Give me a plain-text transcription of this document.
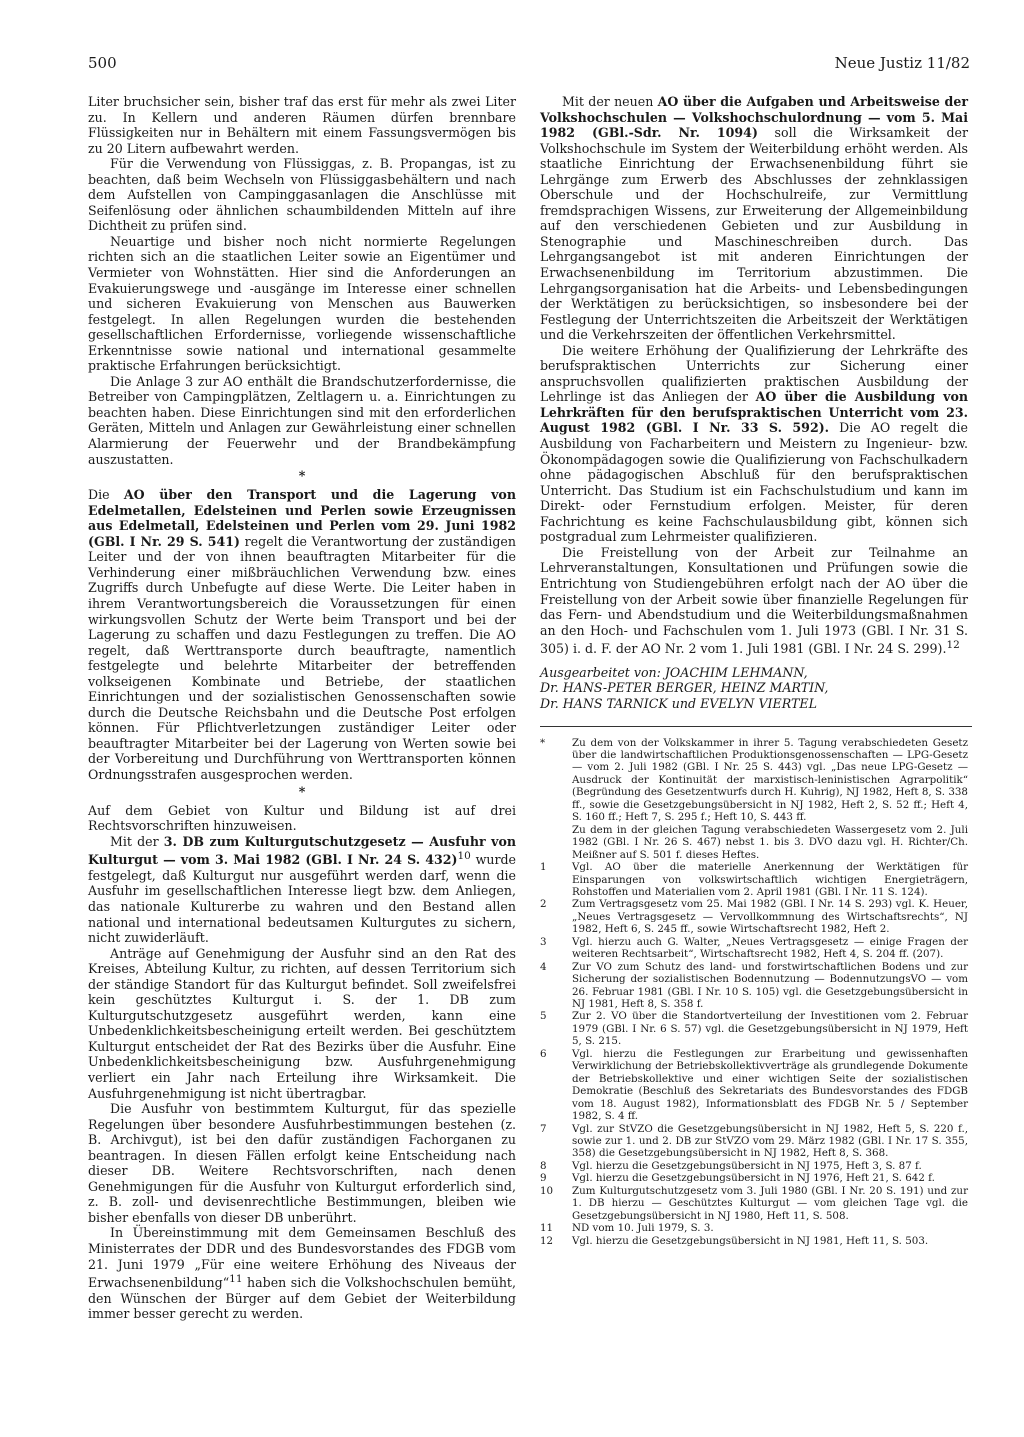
500	Neue Justiz 11/82

Liter bruchsicher sein, bisher traf das erst für mehr als zwei Liter zu. In Kellern und anderen Räumen dürfen brennbare Flüssigkeiten nur in Behältern mit einem Fassungsvermögen bis zu 20 Litern aufbewahrt werden.

Für die Verwendung von Flüssiggas, z. B. Propangas, ist zu beachten, daß beim Wechseln von Flüssiggasbehältern und nach dem Aufstellen von Campinggasanlagen die Anschlüsse mit Seifenlösung oder ähnlichen schaumbildenden Mitteln auf ihre Dichtheit zu prüfen sind.

Neuartige und bisher noch nicht normierte Regelungen richten sich an die staatlichen Leiter sowie an Eigentümer und Vermieter von Wohnstätten. Hier sind die Anforderungen an Evakuierungswege und -ausgänge im Interesse einer schnellen und sicheren Evakuierung von Menschen aus Bauwerken festgelegt. In allen Regelungen wurden die bestehenden gesellschaftlichen Erfordernisse, vorliegende wissenschaftliche Erkenntnisse sowie national und international gesammelte praktische Erfahrungen berücksichtigt.

Die Anlage 3 zur AO enthält die Brandschutzerfordernisse, die Betreiber von Campingplätzen, Zeltlagern u. a. Einrichtungen zu beachten haben. Diese Einrichtungen sind mit den erforderlichen Geräten, Mitteln und Anlagen zur Gewährleistung einer schnellen Alarmierung der Feuerwehr und der Brandbekämpfung auszustatten.

*

Die AO über den Transport und die Lagerung von Edelmetallen, Edelsteinen und Perlen sowie Erzeugnissen aus Edelmetall, Edelsteinen und Perlen vom 29. Juni 1982 (GBl. I Nr. 29 S. 541) regelt die Verantwortung der zuständigen Leiter und der von ihnen beauftragten Mitarbeiter für die Verhinderung einer mißbräuchlichen Verwendung bzw. eines Zugriffs durch Unbefugte auf diese Werte. Die Leiter haben in ihrem Verantwortungsbereich die Voraussetzungen für einen wirkungsvollen Schutz der Werte beim Transport und bei der Lagerung zu schaffen und dazu Festlegungen zu treffen. Die AO regelt, daß Werttransporte durch beauftragte, namentlich festgelegte und belehrte Mitarbeiter der betreffenden volkseigenen Kombinate und Betriebe, der staatlichen Einrichtungen und der sozialistischen Genossenschaften sowie durch die Deutsche Reichsbahn und die Deutsche Post erfolgen können. Für Pflichtverletzungen zuständiger Leiter oder beauftragter Mitarbeiter bei der Lagerung von Werten sowie bei der Vorbereitung und Durchführung von Werttransporten können Ordnungsstrafen ausgesprochen werden.

*

Auf dem Gebiet von Kultur und Bildung ist auf drei Rechtsvorschriften hinzuweisen.

Mit der 3. DB zum Kulturgutschutzgesetz — Ausfuhr von Kulturgut — vom 3. Mai 1982 (GBl. I Nr. 24 S. 432)$^{10}$ wurde festgelegt, daß Kulturgut nur ausgeführt werden darf, wenn die Ausfuhr im gesellschaftlichen Interesse liegt bzw. dem Anliegen, das nationale Kulturerbe zu wahren und den Bestand allen national und international bedeutsamen Kulturgutes zu sichern, nicht zuwiderläuft.

Anträge auf Genehmigung der Ausfuhr sind an den Rat des Kreises, Abteilung Kultur, zu richten, auf dessen Territorium sich der ständige Standort für das Kulturgut befindet. Soll zweifelsfrei kein geschütztes Kulturgut i. S. der 1. DB zum Kulturgutschutzgesetz ausgeführt werden, kann eine Unbedenklichkeitsbescheinigung erteilt werden. Bei geschütztem Kulturgut entscheidet der Rat des Bezirks über die Ausfuhr. Eine Unbedenklichkeitsbescheinigung bzw. Ausfuhrgenehmigung verliert ein Jahr nach Erteilung ihre Wirksamkeit. Die Ausfuhrgenehmigung ist nicht übertragbar.

Die Ausfuhr von bestimmtem Kulturgut, für das spezielle Regelungen über besondere Ausfuhrbestimmungen bestehen (z. B. Archivgut), ist bei den dafür zuständigen Fachorganen zu beantragen. In diesen Fällen erfolgt keine Entscheidung nach dieser DB. Weitere Rechtsvorschriften, nach denen Genehmigungen für die Ausfuhr von Kulturgut erforderlich sind, z. B. zoll- und devisenrechtliche Bestimmungen, bleiben wie bisher ebenfalls von dieser DB unberührt.

In Übereinstimmung mit dem Gemeinsamen Beschluß des Ministerrates der DDR und des Bundesvorstandes des FDGB vom 21. Juni 1979 „Für eine weitere Erhöhung des Niveaus der Erwachsenenbildung“$^{11}$ haben sich die Volkshochschulen bemüht, den Wünschen der Bürger auf dem Gebiet der Weiterbildung immer besser gerecht zu werden.

Mit der neuen AO über die Aufgaben und Arbeitsweise der Volkshochschulen — Volkshochschulordnung — vom 5. Mai 1982 (GBl.-Sdr. Nr. 1094) soll die Wirksamkeit der Volkshochschule im System der Weiterbildung erhöht werden. Als staatliche Einrichtung der Erwachsenenbildung führt sie Lehrgänge zum Erwerb des Abschlusses der zehnklassigen Oberschule und der Hochschulreife, zur Vermittlung fremdsprachigen Wissens, zur Erweiterung der Allgemeinbildung auf den verschiedenen Gebieten und zur Ausbildung in Stenographie und Maschineschreiben durch. Das Lehrgangsangebot ist mit anderen Einrichtungen der Erwachsenenbildung im Territorium abzustimmen. Die Lehrgangsorganisation hat die Arbeits- und Lebensbedingungen der Werktätigen zu berücksichtigen, so insbesondere bei der Festlegung der Unterrichtszeiten die Arbeitszeit der Werktätigen und die Verkehrszeiten der öffentlichen Verkehrsmittel.

Die weitere Erhöhung der Qualifizierung der Lehrkräfte des berufspraktischen Unterrichts zur Sicherung einer anspruchsvollen qualifizierten praktischen Ausbildung der Lehrlinge ist das Anliegen der AO über die Ausbildung von Lehrkräften für den berufspraktischen Unterricht vom 23. August 1982 (GBl. I Nr. 33 S. 592). Die AO regelt die Ausbildung von Facharbeitern und Meistern zu Ingenieur- bzw. Ökonompädagogen sowie die Qualifizierung von Fachschulkadern ohne pädagogischen Abschluß für den berufspraktischen Unterricht. Das Studium ist ein Fachschulstudium und kann im Direkt- oder Fernstudium erfolgen. Meister, für deren Fachrichtung es keine Fachschulausbildung gibt, können sich postgradual zum Lehrmeister qualifizieren.

Die Freistellung von der Arbeit zur Teilnahme an Lehrveranstaltungen, Konsultationen und Prüfungen sowie die Entrichtung von Studiengebühren erfolgt nach der AO über die Freistellung von der Arbeit sowie über finanzielle Regelungen für das Fern- und Abendstudium und die Weiterbildungsmaßnahmen an den Hoch- und Fachschulen vom 1. Juli 1973 (GBl. I Nr. 31 S. 305) i. d. F. der AO Nr. 2 vom 1. Juli 1981 (GBl. I Nr. 24 S. 299).$^{12}$

Ausgearbeitet von: JOACHIM LEHMANN,
Dr. HANS-PETER BERGER, HEINZ MARTIN,
Dr. HANS TARNICK und EVELYN VIERTEL
*	Zu dem von der Volkskammer in ihrer 5. Tagung verabschiedeten Gesetz über die landwirtschaftlichen Produktionsgenossenschaften — LPG-Gesetz — vom 2. Juli 1982 (GBl. I Nr. 25 S. 443) vgl. „Das neue LPG-Gesetz — Ausdruck der Kontinuität der marxistisch-leninistischen Agrarpolitik“ (Begründung des Gesetzentwurfs durch H. Kuhrig), NJ 1982, Heft 8, S. 338 ff., sowie die Gesetzgebungsübersicht in NJ 1982, Heft 2, S. 52 ff.; Heft 4, S. 160 ff.; Heft 7, S. 295 f.; Heft 10, S. 443 ff.
Zu dem in der gleichen Tagung verabschiedeten Wassergesetz vom 2. Juli 1982 (GBl. I Nr. 26 S. 467) nebst 1. bis 3. DVO dazu vgl. H. Richter/Ch. Meißner auf S. 501 f. dieses Heftes.
1	Vgl. AO über die materielle Anerkennung der Werktätigen für Einsparungen von volkswirtschaftlich wichtigen Energieträgern, Rohstoffen und Materialien vom 2. April 1981 (GBl. I Nr. 11 S. 124).
2	Zum Vertragsgesetz vom 25. Mai 1982 (GBl. I Nr. 14 S. 293) vgl. K. Heuer, „Neues Vertragsgesetz — Vervollkommnung des Wirtschaftsrechts“, NJ 1982, Heft 6, S. 245 ff., sowie Wirtschaftsrecht 1982, Heft 2.
3	Vgl. hierzu auch G. Walter, „Neues Vertragsgesetz — einige Fragen der weiteren Rechtsarbeit“, Wirtschaftsrecht 1982, Heft 4, S. 204 ff. (207).
4	Zur VO zum Schutz des land- und forstwirtschaftlichen Bodens und zur Sicherung der sozialistischen Bodennutzung — BodennutzungsVO — vom 26. Februar 1981 (GBl. I Nr. 10 S. 105) vgl. die Gesetzgebungsübersicht in NJ 1981, Heft 8, S. 358 f.
5	Zur 2. VO über die Standortverteilung der Investitionen vom 2. Februar 1979 (GBl. I Nr. 6 S. 57) vgl. die Gesetzgebungsübersicht in NJ 1979, Heft 5, S. 215.
6	Vgl. hierzu die Festlegungen zur Erarbeitung und gewissenhaften Verwirklichung der Betriebskollektivverträge als grundlegende Dokumente der Betriebskollektive und einer wichtigen Seite der sozialistischen Demokratie (Beschluß des Sekretariats des Bundesvorstandes des FDGB vom 18. August 1982), Informationsblatt des FDGB Nr. 5 / September 1982, S. 4 ff.
7	Vgl. zur StVZO die Gesetzgebungsübersicht in NJ 1982, Heft 5, S. 220 f., sowie zur 1. und 2. DB zur StVZO vom 29. März 1982 (GBl. I Nr. 17 S. 355, 358) die Gesetzgebungsübersicht in NJ 1982, Heft 8, S. 368.
8	Vgl. hierzu die Gesetzgebungsübersicht in NJ 1975, Heft 3, S. 87 f.
9	Vgl. hierzu die Gesetzgebungsübersicht in NJ 1976, Heft 21, S. 642 f.
10	Zum Kulturgutschutzgesetz vom 3. Juli 1980 (GBl. I Nr. 20 S. 191) und zur 1. DB hierzu — Geschütztes Kulturgut — vom gleichen Tage vgl. die Gesetzgebungsübersicht in NJ 1980, Heft 11, S. 508.
11	ND vom 10. Juli 1979, S. 3.
12	Vgl. hierzu die Gesetzgebungsübersicht in NJ 1981, Heft 11, S. 503.
